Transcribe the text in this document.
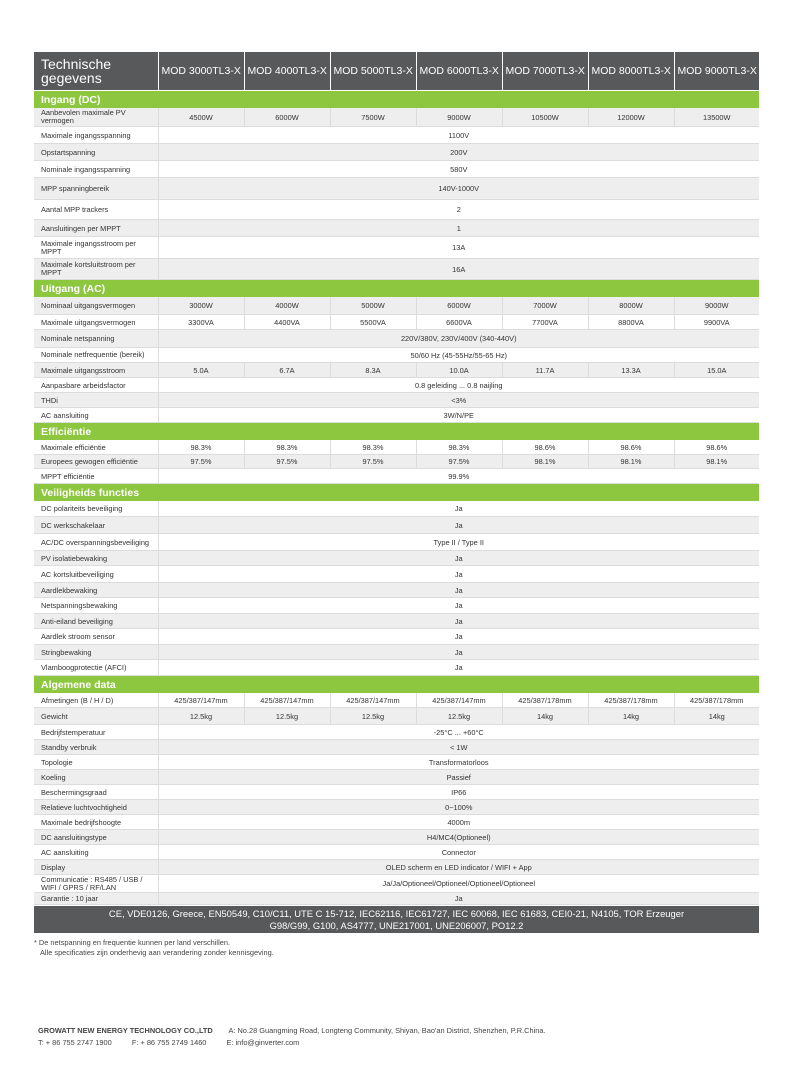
Technische gegevens	MOD 3000TL3-X	MOD 4000TL3-X	MOD 5000TL3-X	MOD 6000TL3-X	MOD 7000TL3-X	MOD 8000TL3-X	MOD 9000TL3-X
Ingang (DC)							
Aanbevolen maximale PV vermogen	4500W	6000W	7500W	9000W	10500W	12000W	13500W
Maximale ingangsspanning	1100V						
Opstartspanning	200V						
Nominale ingangsspanning	580V						
MPP spanningbereik	140V-1000V						
Aantal MPP trackers	2						
Aansluitingen per MPPT	1						
Maximale ingangsstroom per MPPT	13A						
Maximale kortsluitstroom per MPPT	16A						
Uitgang (AC)							
Nominaal uitgangsvermogen	3000W	4000W	5000W	6000W	7000W	8000W	9000W
Maximale uitgangsvermogen	3300VA	4400VA	5500VA	6600VA	7700VA	8800VA	9900VA
Nominale netspanning	220V/380V, 230V/400V (340-440V)						
Nominale netfrequentie (bereik)	50/60 Hz (45-55Hz/55-65 Hz)						
Maximale uitgangsstroom	5.0A	6.7A	8.3A	10.0A	11.7A	13.3A	15.0A
Aanpasbare arbeidsfactor	0.8 geleiding ... 0.8 naijling						
THDi	<3%						
AC aansluiting	3W/N/PE						
Efficiëntie							
Maximale efficiëntie	98.3%	98.3%	98.3%	98.3%	98.6%	98.6%	98.6%
Europees gewogen efficiëntie	97.5%	97.5%	97.5%	97.5%	98.1%	98.1%	98.1%
MPPT efficiëntie	99.9%						
Veiligheids functies							
DC polariteits beveiliging	Ja						
DC werkschakelaar	Ja						
AC/DC overspanningsbeveiliging	Type II / Type II						
PV isolatiebewaking	Ja						
AC kortsluitbeveiliging	Ja						
Aardlekbewaking	Ja						
Netspanningsbewaking	Ja						
Anti-eiland beveiliging	Ja						
Aardlek stroom sensor	Ja						
Stringbewaking	Ja						
Vlamboogprotectie (AFCI)	Ja						
Algemene data							
Afmetingen (B / H / D)	425/387/147mm	425/387/147mm	425/387/147mm	425/387/147mm	425/387/178mm	425/387/178mm	425/387/178mm
Gewicht	12.5kg	12.5kg	12.5kg	12.5kg	14kg	14kg	14kg
Bedrijfstemperatuur	-25°C ... +60°C						
Standby verbruik	< 1W						
Topologie	Transformatorloos						
Koeling	Passief						
Beschermingsgraad	IP66						
Relatieve luchtvochtigheid	0~100%						
Maximale bedrijfshoogte	4000m						
DC aansluitingstype	H4/MC4(Optioneel)						
AC aansluiting	Connector						
Display	OLED scherm en LED indicator / WIFI + App						
Communicatie : RS485 / USB / WIFI / GPRS / RF/LAN	Ja/Ja/Optioneel/Optioneel/Optioneel/Optioneel						
Garantie : 10 jaar	Ja						
CE, VDE0126, Greece, EN50549, C10/C11, UTE C 15-712, IEC62116, IEC61727, IEC 60068, IEC 61683, CEI0-21, N4105, TOR Erzeuger
G98/G99, G100, AS4777, UNE217001, UNE206007, PO12.2
* De netspanning en frequentie kunnen per land verschillen.
Alle specificaties zijn onderhevig aan verandering zonder kennisgeving.
GROWATT NEW ENERGY TECHNOLOGY CO.,LTD A: No.28 Guangming Road, Longteng Community, Shiyan, Bao'an District, Shenzhen, P.R.China.
T: + 86 755 2747 1900	F: + 86 755 2749 1460	E: info@ginverter.com
